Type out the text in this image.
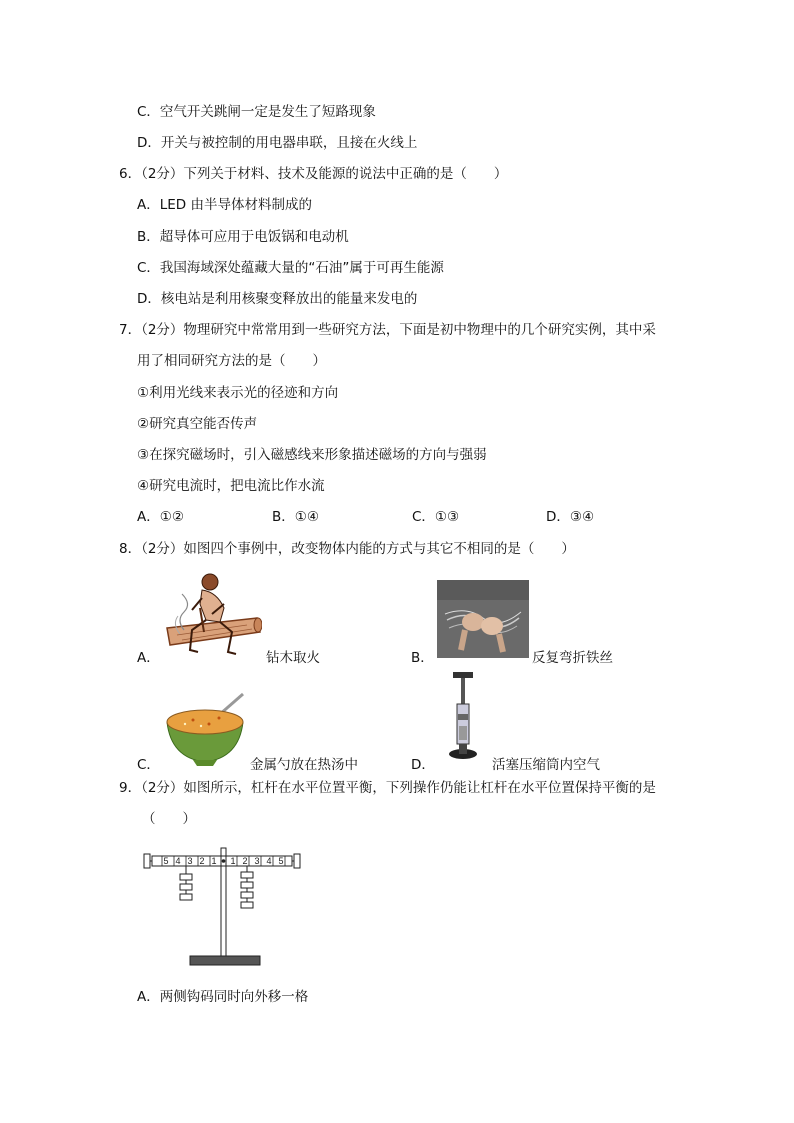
C．空气开关跳闸一定是发生了短路现象
D．开关与被控制的用电器串联，且接在火线上
6．（2分）下列关于材料、技术及能源的说法中正确的是（　　）
A．LED 由半导体材料制成的
B．超导体可应用于电饭锅和电动机
C．我国海域深处蕴藏大量的“石油”属于可再生能源
D．核电站是利用核聚变释放出的能量来发电的
7．（2分）物理研究中常常用到一些研究方法，下面是初中物理中的几个研究实例，其中采
用了相同研究方法的是（　　）
①利用光线来表示光的径迹和方向
②研究真空能否传声
③在探究磁场时，引入磁感线来形象描述磁场的方向与强弱
④研究电流时，把电流比作水流
A．①②	B．①④	C．①③	D．③④
8．（2分）如图四个事例中，改变物体内能的方式与其它不相同的是（　　）
A．	钻木取火	B．	反复弯折铁丝
C．	金属勺放在热汤中	D．	活塞压缩筒内空气
9．（2分）如图所示，杠杆在水平位置平衡，下列操作仍能让杠杆在水平位置保持平衡的是
（　　）
5 4 3 2 1 1 2 3 4 5
A．两侧钩码同时向外移一格
